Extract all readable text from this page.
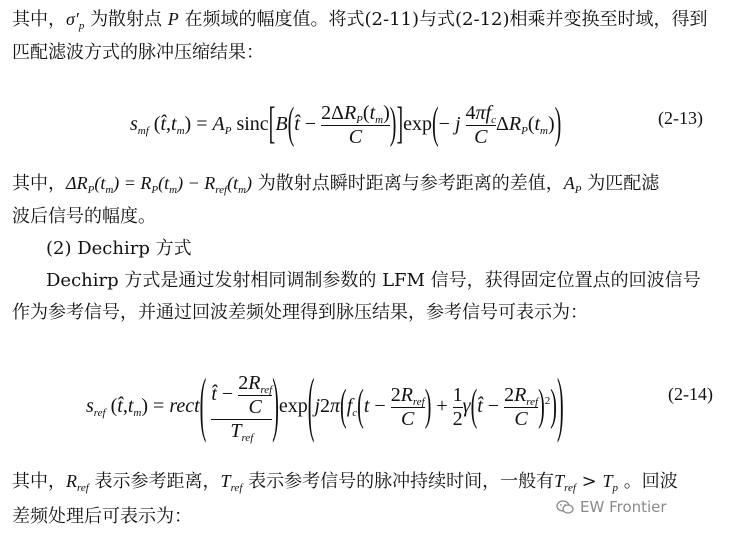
其中，$\sigma'_p$ 为散射点 P 在频域的幅度值。将式(2-11)与式(2-12)相乘并变换至时域，得到
匹配滤波方式的脉冲压缩结果：
$s_{mf}$ $(t̂,t_m) = A_P$ sinc[B(t̂ − $\frac{2\Delta R_P(t_m)}{C} )]\exp(- j \frac{4\pi f_c}{C} \Delta R_P(t_m))$	(2-13)
其中，$\Delta R_P(t_m) = R_P(t_m) - R_{ref}(t_m)$ 为散射点瞬时距离与参考距离的差值，$A_P$ 为匹配滤
波后信号的幅度。
(2) Dechirp 方式
Dechirp 方式是通过发射相同调制参数的 LFM 信号，获得固定位置点的回波信号
作为参考信号，并通过回波差频处理得到脉压结果，参考信号可表示为：
$s_{ref}$ $(t̂,t_m)$ = rect( $\frac{t̂ - \frac{2R_{ref}}{C}}{T_{ref}} )\exp(j2\pi(f_c(t - \frac{2R_{ref}}{C}$ ) + $\frac{1}{2}$ γ(t̂ − $\frac{2R_{ref}}{C} )^2$))	(2-14)
其中，$R_{ref}$ 表示参考距离，$T_{ref}$ 表示参考信号的脉冲持续时间，一般有$T_{ref} > T_p$ 。回波
差频处理后可表示为：	EW Frontier
